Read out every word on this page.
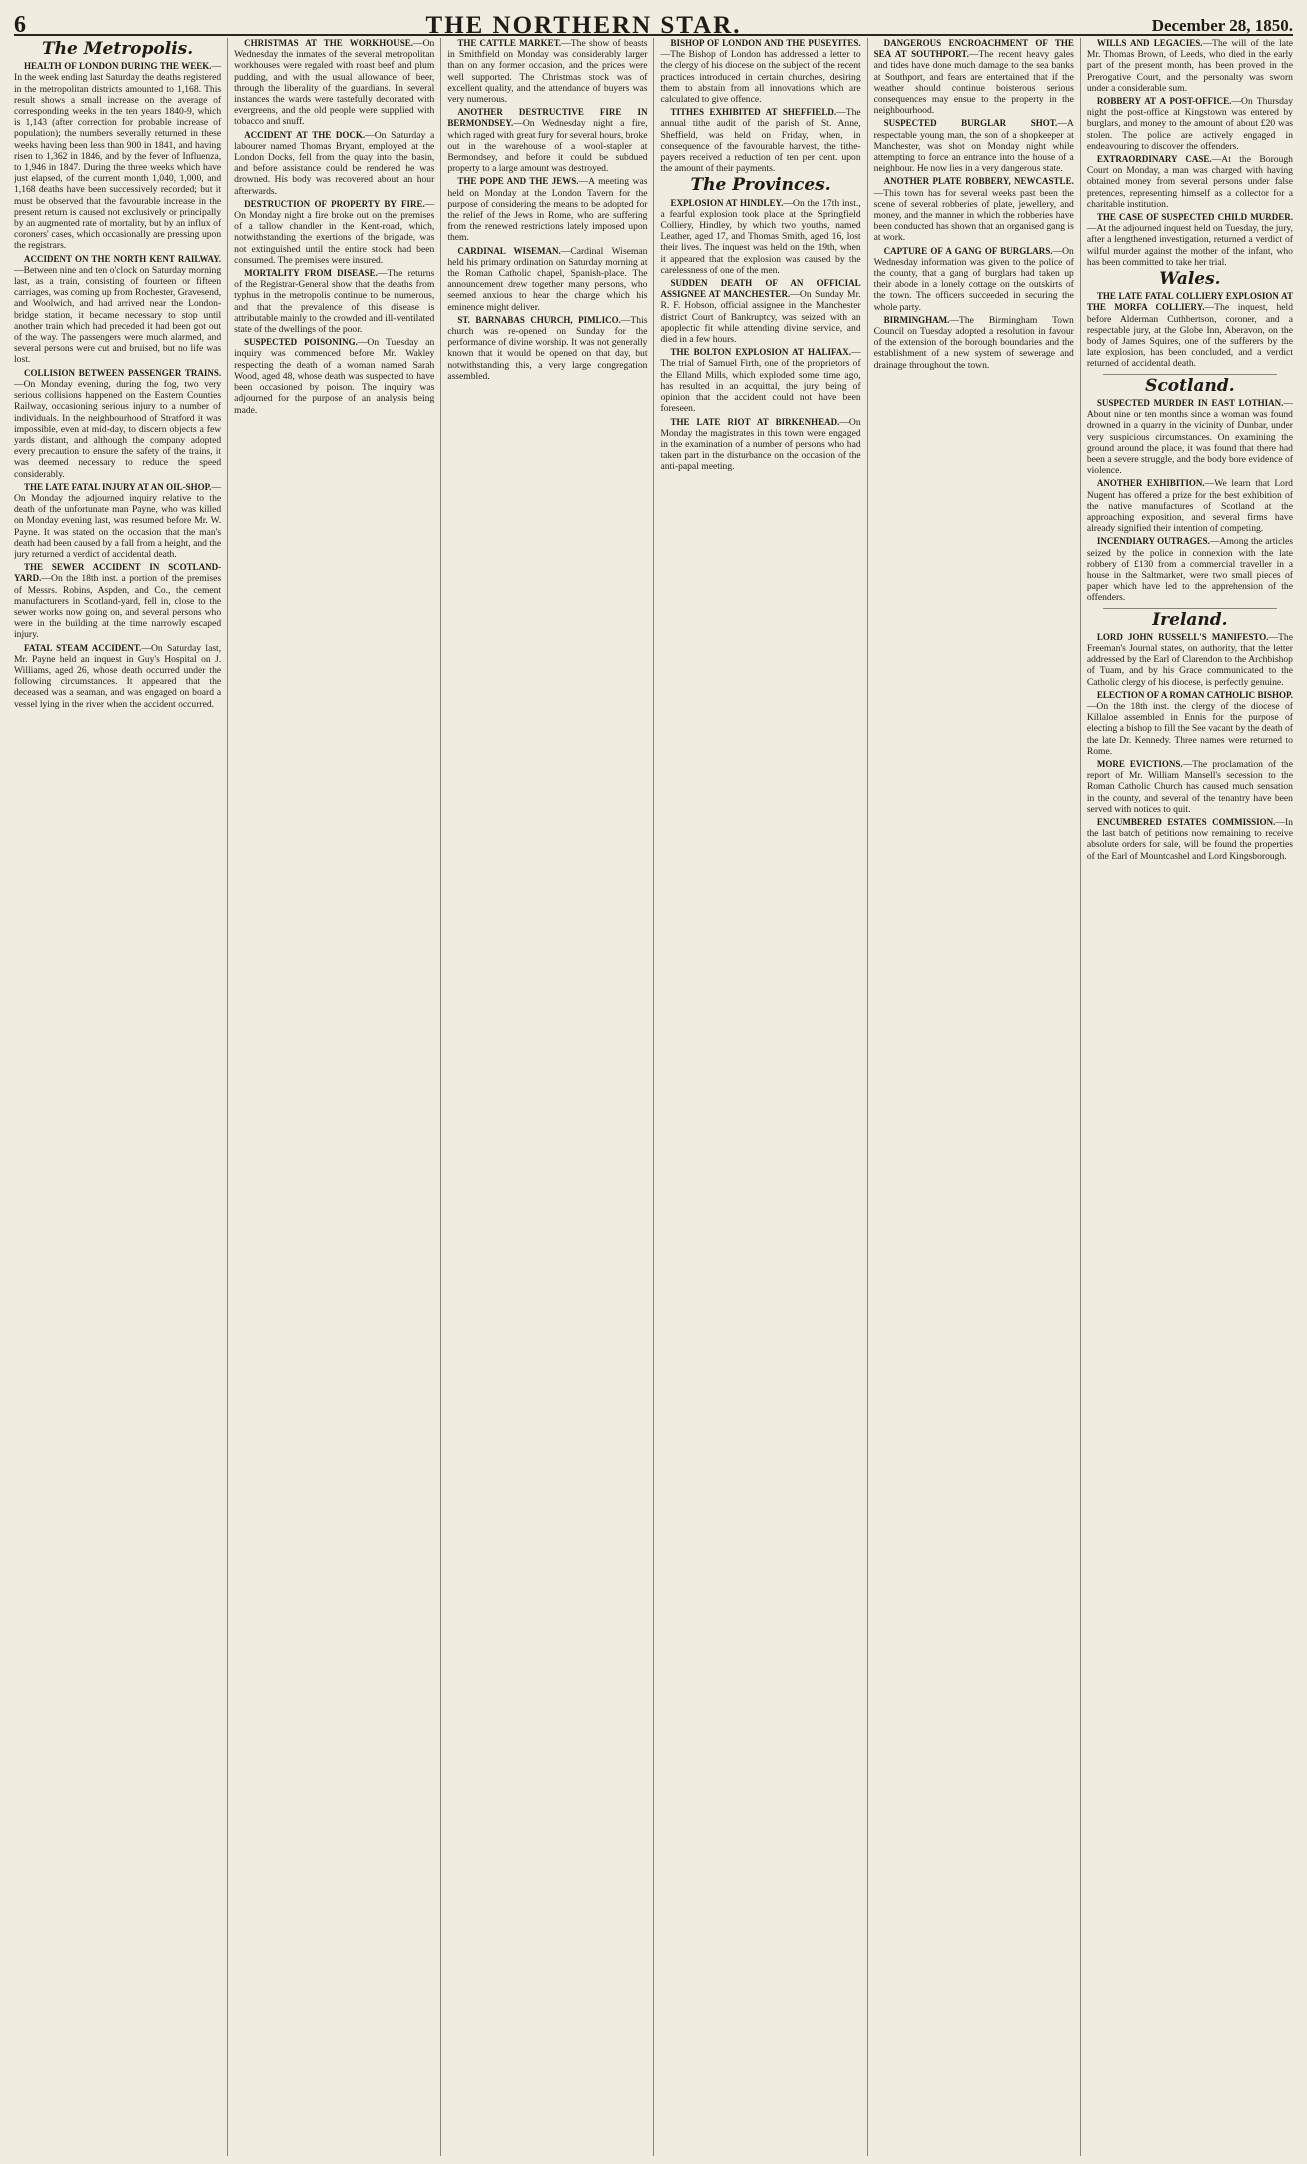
6	THE NORTHERN STAR.	December 28, 1850.
The Metropolis.

HEALTH OF LONDON DURING THE WEEK.—In the week ending last Saturday the deaths registered in the metropolitan districts amounted to 1,168. This result shows a small increase on the average of corresponding weeks in the ten years 1840-9, which is 1,143 (after correction for probable increase of population); the numbers severally returned in these weeks having been less than 900 in 1841, and having risen to 1,362 in 1846, and by the fever of Influenza, to 1,946 in 1847. During the three weeks which have just elapsed, of the current month 1,040, 1,000, and 1,168 deaths have been successively recorded; but it must be observed that the favourable increase in the present return is caused not exclusively or principally by an augmented rate of mortality, but by an influx of coroners' cases, which occasionally are pressing upon the registrars.

ACCIDENT ON THE NORTH KENT RAILWAY.—Between nine and ten o'clock on Saturday morning last, as a train, consisting of fourteen or fifteen carriages, was coming up from Rochester, Gravesend, and Woolwich, and had arrived near the London-bridge station, it became necessary to stop until another train which had preceded it had been got out of the way. The passengers were much alarmed, and several persons were cut and bruised, but no life was lost.

COLLISION BETWEEN PASSENGER TRAINS.—On Monday evening, during the fog, two very serious collisions happened on the Eastern Counties Railway, occasioning serious injury to a number of individuals. In the neighbourhood of Stratford it was impossible, even at mid-day, to discern objects a few yards distant, and although the company adopted every precaution to ensure the safety of the trains, it was deemed necessary to reduce the speed considerably.

THE LATE FATAL INJURY AT AN OIL-SHOP.—On Monday the adjourned inquiry relative to the death of the unfortunate man Payne, who was killed on Monday evening last, was resumed before Mr. W. Payne. It was stated on the occasion that the man's death had been caused by a fall from a height, and the jury returned a verdict of accidental death.

THE SEWER ACCIDENT IN SCOTLAND-YARD.—On the 18th inst. a portion of the premises of Messrs. Robins, Aspden, and Co., the cement manufacturers in Scotland-yard, fell in, close to the sewer works now going on, and several persons who were in the building at the time narrowly escaped injury.

FATAL STEAM ACCIDENT.—On Saturday last, Mr. Payne held an inquest in Guy's Hospital on J. Williams, aged 26, whose death occurred under the following circumstances. It appeared that the deceased was a seaman, and was engaged on board a vessel lying in the river when the accident occurred.

CHRISTMAS AT THE WORKHOUSE.—On Wednesday the inmates of the several metropolitan workhouses were regaled with roast beef and plum pudding, and with the usual allowance of beer, through the liberality of the guardians. In several instances the wards were tastefully decorated with evergreens, and the old people were supplied with tobacco and snuff.

ACCIDENT AT THE DOCK.—On Saturday a labourer named Thomas Bryant, employed at the London Docks, fell from the quay into the basin, and before assistance could be rendered he was drowned. His body was recovered about an hour afterwards.

DESTRUCTION OF PROPERTY BY FIRE.—On Monday night a fire broke out on the premises of a tallow chandler in the Kent-road, which, notwithstanding the exertions of the brigade, was not extinguished until the entire stock had been consumed. The premises were insured.

MORTALITY FROM DISEASE.—The returns of the Registrar-General show that the deaths from typhus in the metropolis continue to be numerous, and that the prevalence of this disease is attributable mainly to the crowded and ill-ventilated state of the dwellings of the poor.

SUSPECTED POISONING.—On Tuesday an inquiry was commenced before Mr. Wakley respecting the death of a woman named Sarah Wood, aged 48, whose death was suspected to have been occasioned by poison. The inquiry was adjourned for the purpose of an analysis being made.

THE CATTLE MARKET.—The show of beasts in Smithfield on Monday was considerably larger than on any former occasion, and the prices were well supported. The Christmas stock was of excellent quality, and the attendance of buyers was very numerous.

ANOTHER DESTRUCTIVE FIRE IN BERMONDSEY.—On Wednesday night a fire, which raged with great fury for several hours, broke out in the warehouse of a wool-stapler at Bermondsey, and before it could be subdued property to a large amount was destroyed.

THE POPE AND THE JEWS.—A meeting was held on Monday at the London Tavern for the purpose of considering the means to be adopted for the relief of the Jews in Rome, who are suffering from the renewed restrictions lately imposed upon them.

CARDINAL WISEMAN.—Cardinal Wiseman held his primary ordination on Saturday morning at the Roman Catholic chapel, Spanish-place. The announcement drew together many persons, who seemed anxious to hear the charge which his eminence might deliver.

ST. BARNABAS CHURCH, PIMLICO.—This church was re-opened on Sunday for the performance of divine worship. It was not generally known that it would be opened on that day, but notwithstanding this, a very large congregation assembled.

BISHOP OF LONDON AND THE PUSEYITES.—The Bishop of London has addressed a letter to the clergy of his diocese on the subject of the recent practices introduced in certain churches, desiring them to abstain from all innovations which are calculated to give offence.

TITHES EXHIBITED AT SHEFFIELD.—The annual tithe audit of the parish of St. Anne, Sheffield, was held on Friday, when, in consequence of the favourable harvest, the tithe-payers received a reduction of ten per cent. upon the amount of their payments.

The Provinces.

EXPLOSION AT HINDLEY.—On the 17th inst., a fearful explosion took place at the Springfield Colliery, Hindley, by which two youths, named Leather, aged 17, and Thomas Smith, aged 16, lost their lives. The inquest was held on the 19th, when it appeared that the explosion was caused by the carelessness of one of the men.

SUDDEN DEATH OF AN OFFICIAL ASSIGNEE AT MANCHESTER.—On Sunday Mr. R. F. Hobson, official assignee in the Manchester district Court of Bankruptcy, was seized with an apoplectic fit while attending divine service, and died in a few hours.

THE BOLTON EXPLOSION AT HALIFAX.—The trial of Samuel Firth, one of the proprietors of the Elland Mills, which exploded some time ago, has resulted in an acquittal, the jury being of opinion that the accident could not have been foreseen.

THE LATE RIOT AT BIRKENHEAD.—On Monday the magistrates in this town were engaged in the examination of a number of persons who had taken part in the disturbance on the occasion of the anti-papal meeting.

DANGEROUS ENCROACHMENT OF THE SEA AT SOUTHPORT.—The recent heavy gales and tides have done much damage to the sea banks at Southport, and fears are entertained that if the weather should continue boisterous serious consequences may ensue to the property in the neighbourhood.

SUSPECTED BURGLAR SHOT.—A respectable young man, the son of a shopkeeper at Manchester, was shot on Monday night while attempting to force an entrance into the house of a neighbour. He now lies in a very dangerous state.

ANOTHER PLATE ROBBERY, NEWCASTLE.—This town has for several weeks past been the scene of several robberies of plate, jewellery, and money, and the manner in which the robberies have been conducted has shown that an organised gang is at work.

CAPTURE OF A GANG OF BURGLARS.—On Wednesday information was given to the police of the county, that a gang of burglars had taken up their abode in a lonely cottage on the outskirts of the town. The officers succeeded in securing the whole party.

BIRMINGHAM.—The Birmingham Town Council on Tuesday adopted a resolution in favour of the extension of the borough boundaries and the establishment of a new system of sewerage and drainage throughout the town.

WILLS AND LEGACIES.—The will of the late Mr. Thomas Brown, of Leeds, who died in the early part of the present month, has been proved in the Prerogative Court, and the personalty was sworn under a considerable sum.

ROBBERY AT A POST-OFFICE.—On Thursday night the post-office at Kingstown was entered by burglars, and money to the amount of about £20 was stolen. The police are actively engaged in endeavouring to discover the offenders.

EXTRAORDINARY CASE.—At the Borough Court on Monday, a man was charged with having obtained money from several persons under false pretences, representing himself as a collector for a charitable institution.

THE CASE OF SUSPECTED CHILD MURDER.—At the adjourned inquest held on Tuesday, the jury, after a lengthened investigation, returned a verdict of wilful murder against the mother of the infant, who has been committed to take her trial.

Wales.

THE LATE FATAL COLLIERY EXPLOSION AT THE MORFA COLLIERY.—The inquest, held before Alderman Cuthbertson, coroner, and a respectable jury, at the Globe Inn, Aberavon, on the body of James Squires, one of the sufferers by the late explosion, has been concluded, and a verdict returned of accidental death.

Scotland.

SUSPECTED MURDER IN EAST LOTHIAN.—About nine or ten months since a woman was found drowned in a quarry in the vicinity of Dunbar, under very suspicious circumstances. On examining the ground around the place, it was found that there had been a severe struggle, and the body bore evidence of violence.

ANOTHER EXHIBITION.—We learn that Lord Nugent has offered a prize for the best exhibition of the native manufactures of Scotland at the approaching exposition, and several firms have already signified their intention of competing.

INCENDIARY OUTRAGES.—Among the articles seized by the police in connexion with the late robbery of £130 from a commercial traveller in a house in the Saltmarket, were two small pieces of paper which have led to the apprehension of the offenders.

Ireland.

LORD JOHN RUSSELL'S MANIFESTO.—The Freeman's Journal states, on authority, that the letter addressed by the Earl of Clarendon to the Archbishop of Tuam, and by his Grace communicated to the Catholic clergy of his diocese, is perfectly genuine.

ELECTION OF A ROMAN CATHOLIC BISHOP.—On the 18th inst. the clergy of the diocese of Killaloe assembled in Ennis for the purpose of electing a bishop to fill the See vacant by the death of the late Dr. Kennedy. Three names were returned to Rome.

MORE EVICTIONS.—The proclamation of the report of Mr. William Mansell's secession to the Roman Catholic Church has caused much sensation in the county, and several of the tenantry have been served with notices to quit.

ENCUMBERED ESTATES COMMISSION.—In the last batch of petitions now remaining to receive absolute orders for sale, will be found the properties of the Earl of Mountcashel and Lord Kingsborough.
